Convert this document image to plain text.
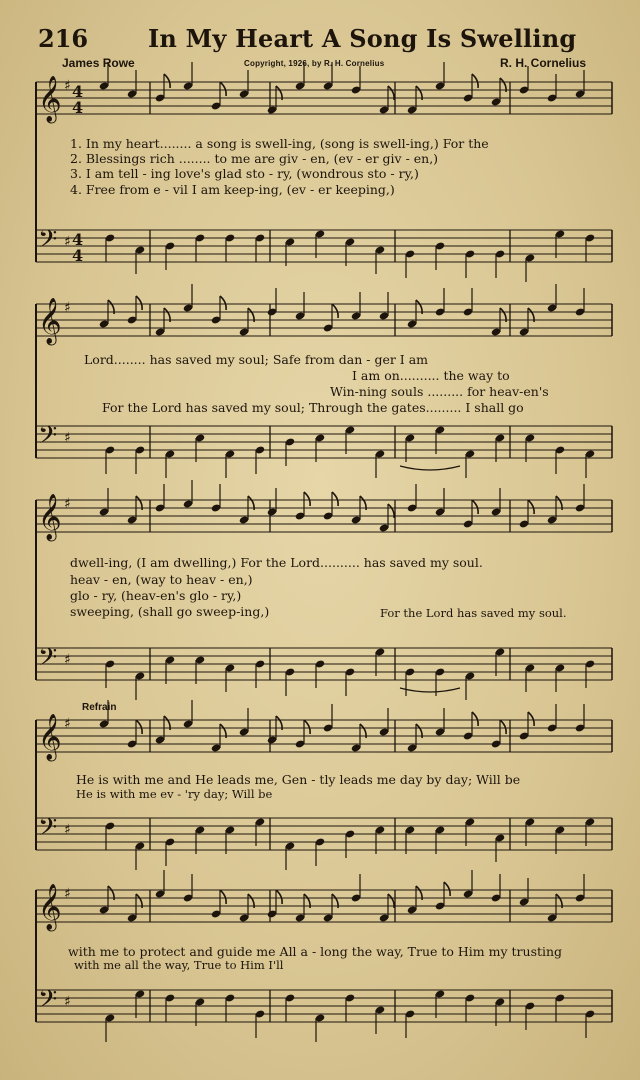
216 In My Heart A Song Is Swelling
James Rowe	Copyright, 1926, by R. H. Cornelius	R. H. Cornelius
𝄞 ♯ 4
4
𝄢 ♯ 4
4
𝄞 ♯
𝄢 ♯
𝄞 ♯
𝄢 ♯
𝄞 ♯
𝄢 ♯
𝄞 ♯
𝄢 ♯
1. In my heart........ a song is swell-ing, (song is swell-ing,) For the
2. Blessings rich ........ to me are giv - en, (ev - er giv - en,)
3. I am tell - ing love's glad sto - ry, (wondrous sto - ry,)
4. Free from e - vil I am keep-ing, (ev - er keeping,)
Lord........ has saved my soul; Safe from dan - ger I am
I am on.......... the way to
Win-ning souls ......... for heav-en's
For the Lord has saved my soul; Through the gates......... I shall go
dwell-ing, (I am dwelling,) For the Lord.......... has saved my soul.
heav - en, (way to heav - en,)
glo - ry, (heav-en's glo - ry,)
sweeping, (shall go sweep-ing,)	For the Lord has saved my soul.
Refrain
He is with me and He leads me, Gen - tly leads me day by day; Will be
He is with me ev - 'ry day; Will be
with me to protect and guide me All a - long the way, True to Him my trusting
with me all the way, True to Him I'll
